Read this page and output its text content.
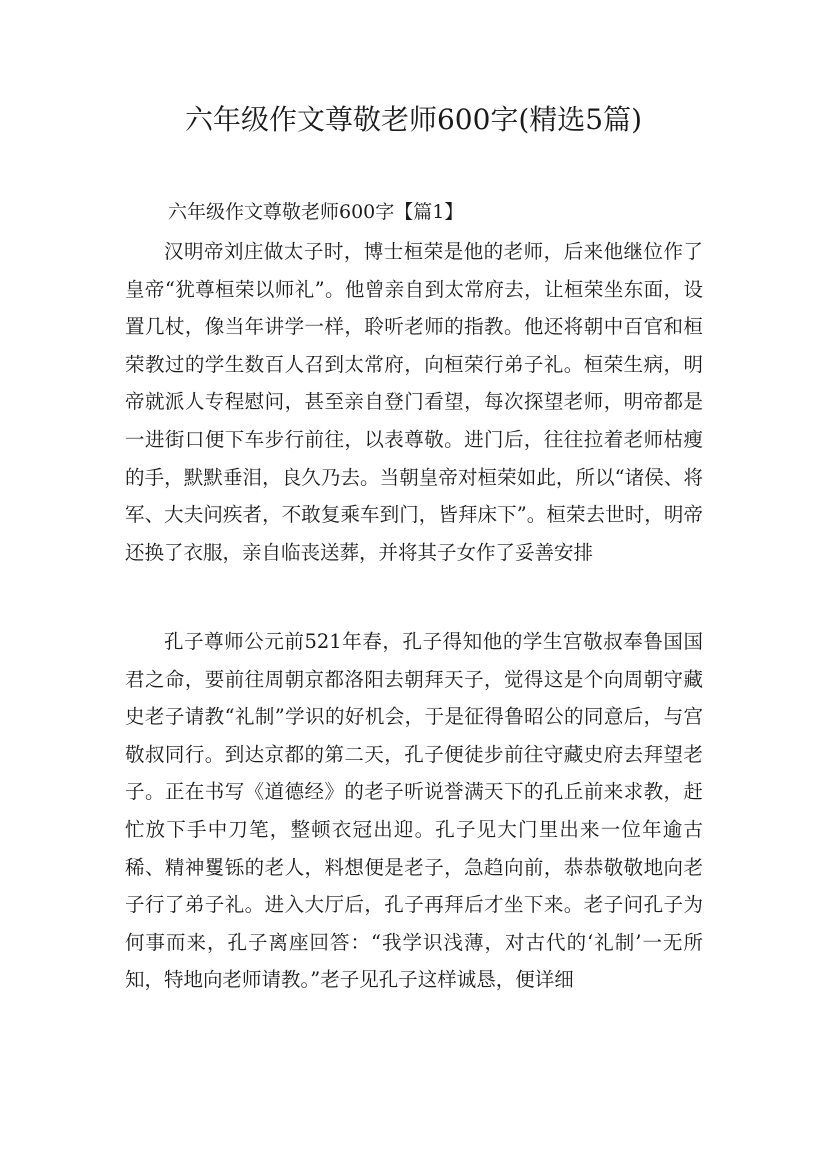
六年级作文尊敬老师600字(精选5篇)

六年级作文尊敬老师600字【篇1】

汉明帝刘庄做太子时，博士桓荣是他的老师，后来他继位作了皇帝“犹尊桓荣以师礼”。他曾亲自到太常府去，让桓荣坐东面，设置几杖，像当年讲学一样，聆听老师的指教。他还将朝中百官和桓荣教过的学生数百人召到太常府，向桓荣行弟子礼。桓荣生病，明帝就派人专程慰问，甚至亲自登门看望，每次探望老师，明帝都是一进街口便下车步行前往，以表尊敬。进门后，往往拉着老师枯瘦的手，默默垂泪，良久乃去。当朝皇帝对桓荣如此，所以“诸侯、将军、大夫问疾者，不敢复乘车到门，皆拜床下”。桓荣去世时，明帝还换了衣服，亲自临丧送葬，并将其子女作了妥善安排

孔子尊师公元前521年春，孔子得知他的学生宫敬叔奉鲁国国君之命，要前往周朝京都洛阳去朝拜天子，觉得这是个向周朝守藏史老子请教“礼制”学识的好机会，于是征得鲁昭公的同意后，与宫敬叔同行。到达京都的第二天，孔子便徒步前往守藏史府去拜望老子。正在书写《道德经》的老子听说誉满天下的孔丘前来求教，赶忙放下手中刀笔，整顿衣冠出迎。孔子见大门里出来一位年逾古稀、精神矍铄的老人，料想便是老子，急趋向前，恭恭敬敬地向老子行了弟子礼。进入大厅后，孔子再拜后才坐下来。老子问孔子为何事而来，孔子离座回答：“我学识浅薄，对古代的‘礼制’一无所知，特地向老师请教。”老子见孔子这样诚恳，便详细
